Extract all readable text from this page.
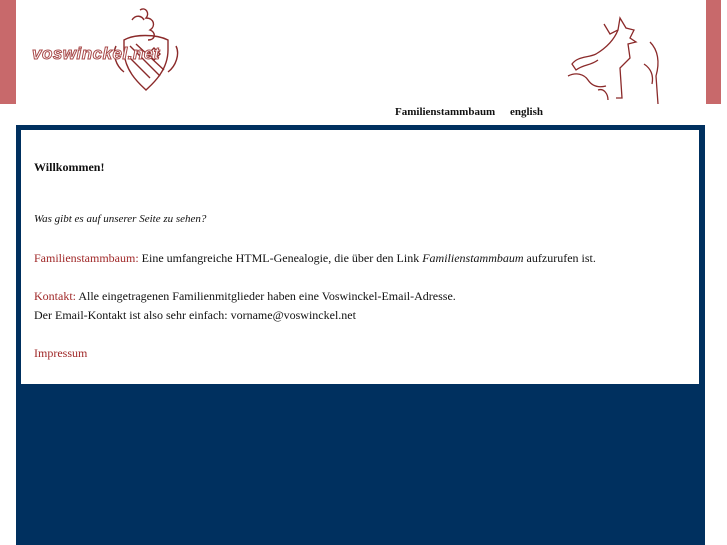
voswinckel.net
Familienstammbaum english

Willkommen!

Was gibt es auf unserer Seite zu sehen?

Familienstammbaum: Eine umfangreiche HTML-Genealogie, die über den Link Familienstammbaum aufzurufen ist.

Kontakt: Alle eingetragenen Familienmitglieder haben eine Voswinckel-Email-Adresse.

Der Email-Kontakt ist also sehr einfach: vorname@voswinckel.net

Impressum
